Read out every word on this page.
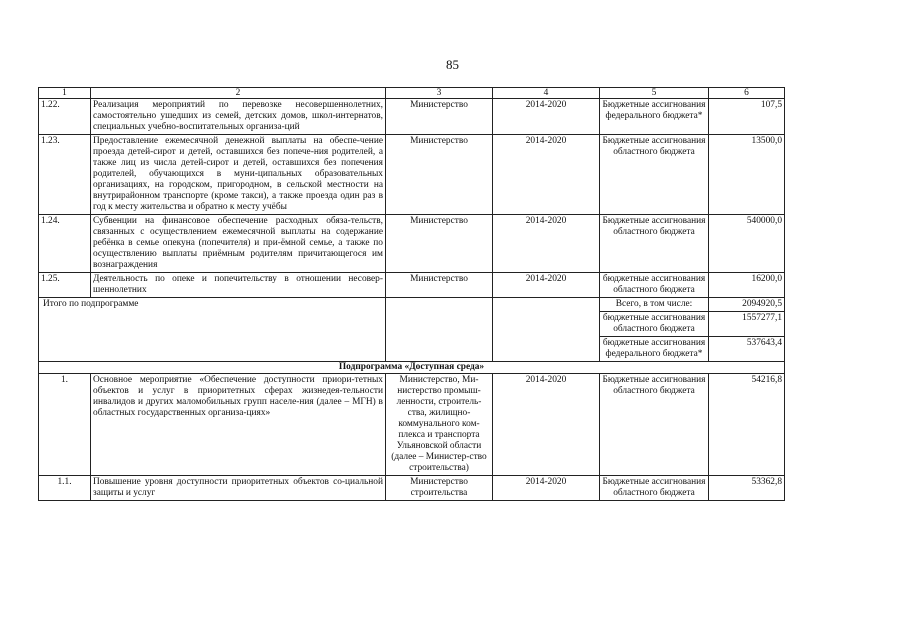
85
1	2	3	4	5	6
1.22.	Реализация мероприятий по перевозке несовершеннолетних, самостоятельно ушедших из семей, детских домов, школ-интернатов, специальных учебно-воспитательных организа-ций	Министерство	2014-2020	Бюджетные ассигнования федерального бюджета*	107,5
1.23.	Предоставление ежемесячной денежной выплаты на обеспе-чение проезда детей-сирот и детей, оставшихся без попече-ния родителей, а также лиц из числа детей-сирот и детей, оставшихся без попечения родителей, обучающихся в муни-ципальных образовательных организациях, на городском, пригородном, в сельской местности на внутрирайонном транспорте (кроме такси), а также проезда один раз в год к месту жительства и обратно к месту учёбы	Министерство	2014-2020	Бюджетные ассигнования областного бюджета	13500,0
1.24.	Субвенции на финансовое обеспечение расходных обяза-тельств, связанных с осуществлением ежемесячной выплаты на содержание ребёнка в семье опекуна (попечителя) и при-ёмной семье, а также по осуществлению выплаты приёмным родителям причитающегося им вознаграждения	Министерство	2014-2020	Бюджетные ассигнования областного бюджета	540000,0
1.25.	Деятельность по опеке и попечительству в отношении несовер-шеннолетних	Министерство	2014-2020	бюджетные ассигнования областного бюджета	16200,0
Итого по подпрограмме				Всего, в том числе:	2094920,5
				бюджетные ассигнования областного бюджета	1557277,1
				бюджетные ассигнования федерального бюджета*	537643,4
Подпрограмма «Доступная среда»					
1.	Основное мероприятие «Обеспечение доступности приори-тетных объектов и услуг в приоритетных сферах жизнедея-тельности инвалидов и других маломобильных групп населе-ния (далее – МГН) в областных государственных организа-циях»	Министерство, Ми-нистерство промыш-ленности, строитель-ства, жилищно-коммунального ком-плекса и транспорта Ульяновской области (далее – Министер-ство строительства)	2014-2020	Бюджетные ассигнования областного бюджета	54216,8
1.1.	Повышение уровня доступности приоритетных объектов со-циальной защиты и услуг	Министерство строительства	2014-2020	Бюджетные ассигнования областного бюджета	53362,8
